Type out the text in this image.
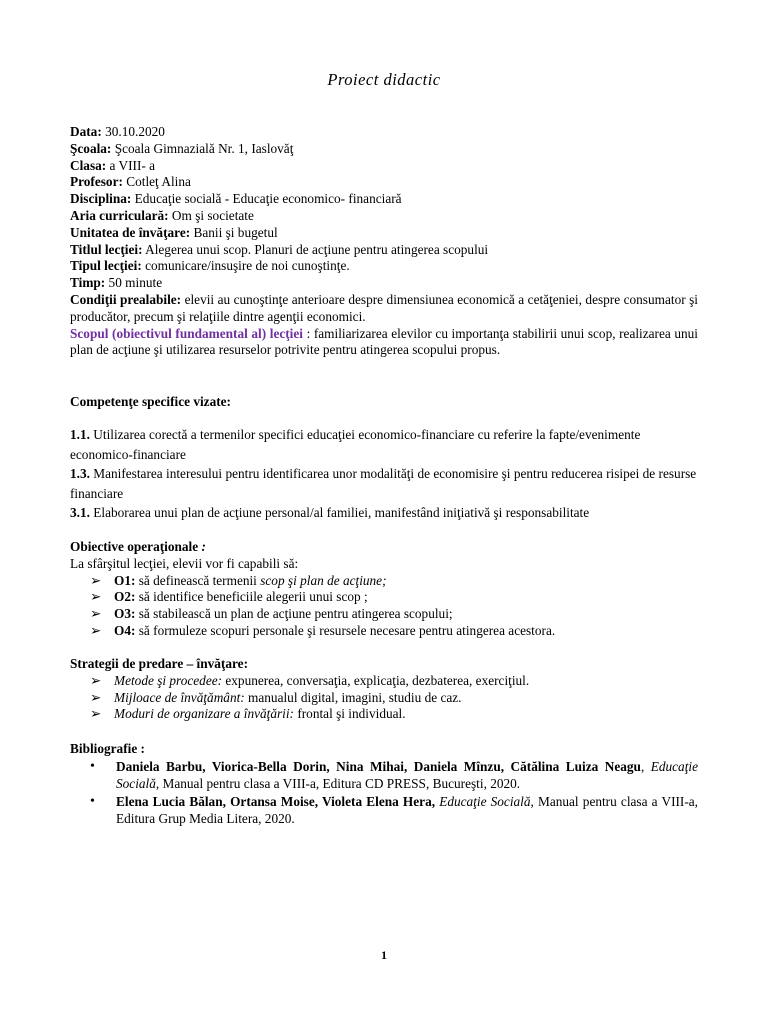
Proiect didactic
Data: 30.10.2020
Şcoala: Şcoala Gimnazială Nr. 1, Iaslovăţ
Clasa: a VIII- a
Profesor: Cotleţ Alina
Disciplina: Educaţie socială - Educaţie economico- financiară
Aria curriculară: Om şi societate
Unitatea de învăţare: Banii şi bugetul
Titlul lecţiei: Alegerea unui scop. Planuri de acţiune pentru atingerea scopului
Tipul lecţiei: comunicare/insuşire de noi cunoştinţe.
Timp: 50 minute
Condiţii prealabile: elevii au cunoştinţe anterioare despre dimensiunea economică a cetăţeniei, despre consumator şi producător, precum şi relaţiile dintre agenţii economici.
Scopul (obiectivul fundamental al) lecţiei : familiarizarea elevilor cu importanţa stabilirii unui scop, realizarea unui plan de acţiune şi utilizarea resurselor potrivite pentru atingerea scopului propus.
Competenţe specifice vizate:
1.1. Utilizarea corectă a termenilor specifici educaţiei economico-financiare cu referire la fapte/evenimente economico-financiare
1.3. Manifestarea interesului pentru identificarea unor modalităţi de economisire şi pentru reducerea risipei de resurse financiare
3.1. Elaborarea unui plan de acţiune personal/al familiei, manifestând iniţiativă şi responsabilitate
Obiective operaţionale :
La sfârşitul lecţiei, elevii vor fi capabili să:
➢ O1: să definească termenii scop şi plan de acţiune;
➢ O2: să identifice beneficiile alegerii unui scop ;
➢ O3: să stabilească un plan de acţiune pentru atingerea scopului;
➢ O4: să formuleze scopuri personale şi resursele necesare pentru atingerea acestora.
Strategii de predare – învăţare:
➢ Metode şi procedee: expunerea, conversaţia, explicaţia, dezbaterea, exerciţiul.
➢ Mijloace de învăţământ: manualul digital, imagini, studiu de caz.
➢ Moduri de organizare a învăţării: frontal şi individual.
Bibliografie :
• Daniela Barbu, Viorica-Bella Dorin, Nina Mihai, Daniela Mînzu, Cătălina Luiza Neagu, Educaţie Socială, Manual pentru clasa a VIII-a, Editura CD PRESS, Bucureşti, 2020.
• Elena Lucia Bălan, Ortansa Moise, Violeta Elena Hera, Educaţie Socială, Manual pentru clasa a VIII-a, Editura Grup Media Litera, 2020.
1
